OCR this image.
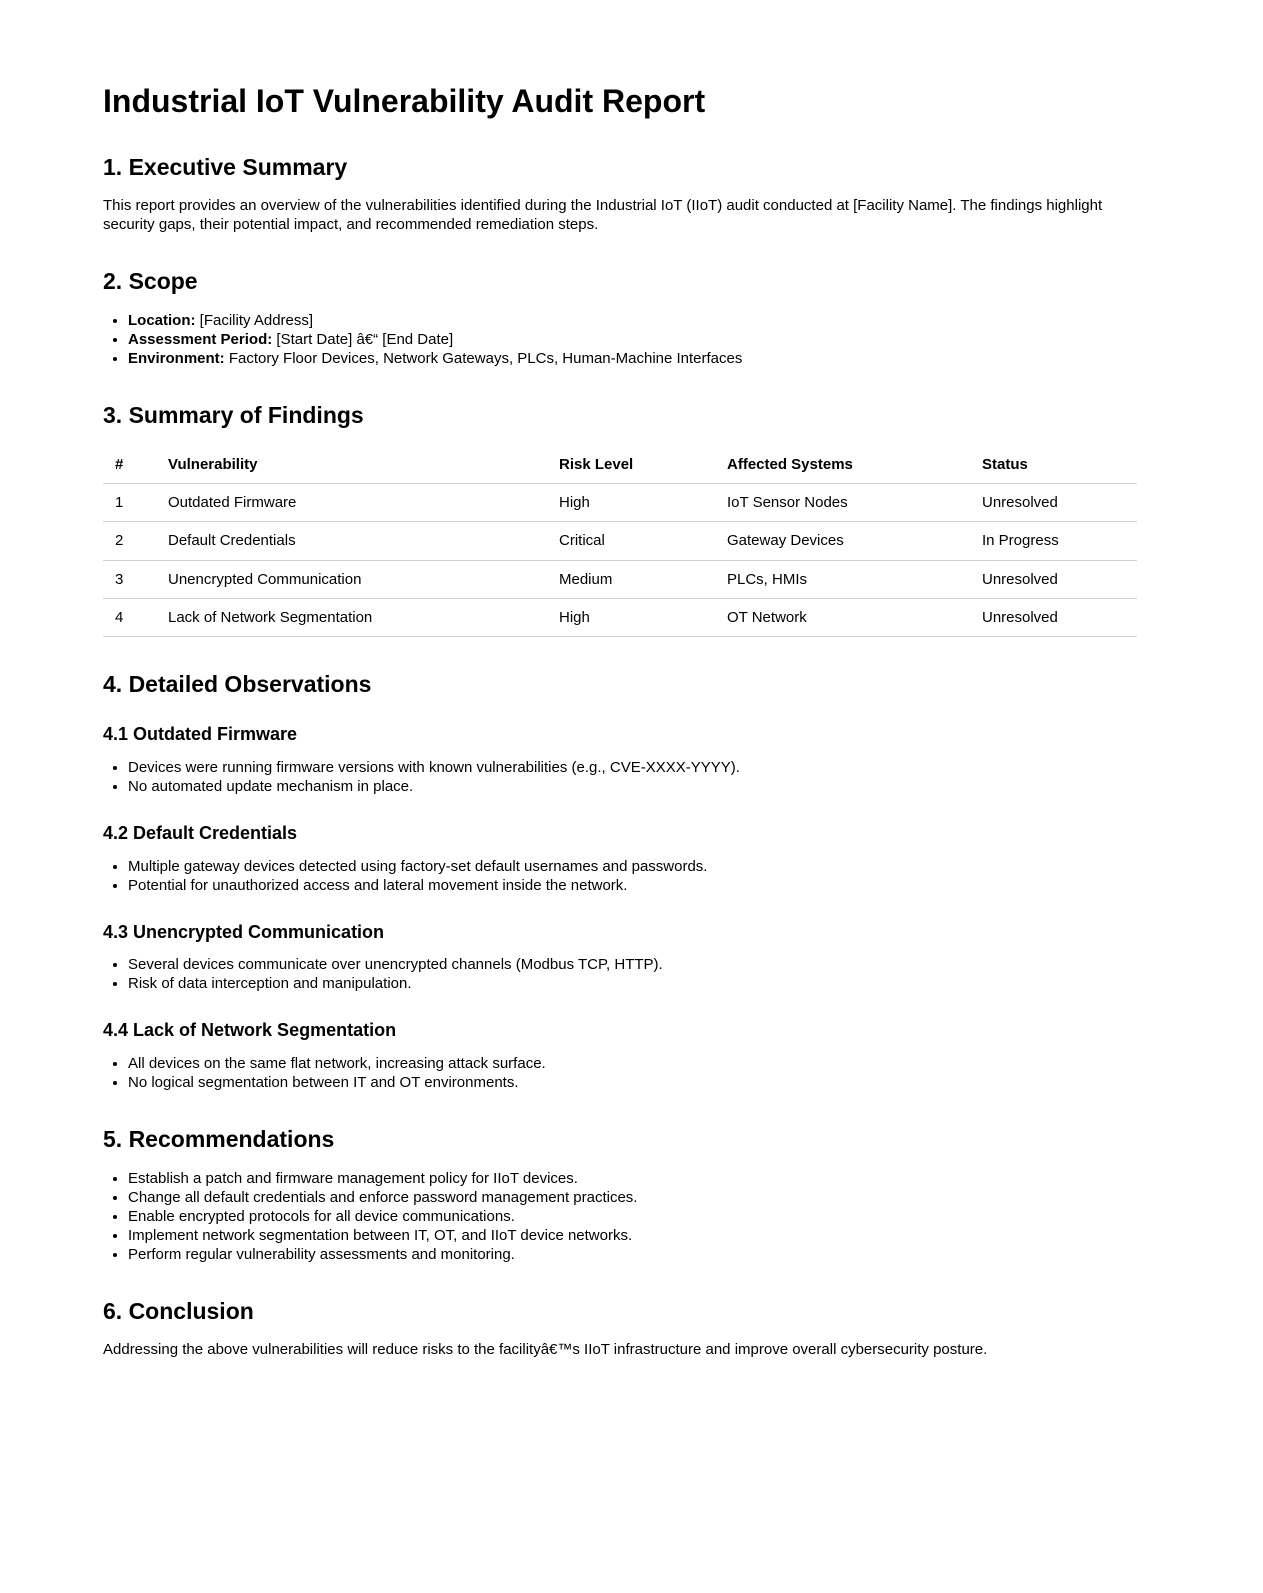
Industrial IoT Vulnerability Audit Report
1. Executive Summary

This report provides an overview of the vulnerabilities identified during the Industrial IoT (IIoT) audit conducted at [Facility Name]. The findings highlight security gaps, their potential impact, and recommended remediation steps.

2. Scope
• Location: [Facility Address]
• Assessment Period: [Start Date] â€“ [End Date]
• Environment: Factory Floor Devices, Network Gateways, PLCs, Human-Machine Interfaces
3. Summary of Findings
#	Vulnerability	Risk Level	Affected Systems	Status
1	Outdated Firmware	High	IoT Sensor Nodes	Unresolved
2	Default Credentials	Critical	Gateway Devices	In Progress
3	Unencrypted Communication	Medium	PLCs, HMIs	Unresolved
4	Lack of Network Segmentation	High	OT Network	Unresolved
4. Detailed Observations
4.1 Outdated Firmware
• Devices were running firmware versions with known vulnerabilities (e.g., CVE-XXXX-YYYY).
• No automated update mechanism in place.
4.2 Default Credentials
• Multiple gateway devices detected using factory-set default usernames and passwords.
• Potential for unauthorized access and lateral movement inside the network.
4.3 Unencrypted Communication
• Several devices communicate over unencrypted channels (Modbus TCP, HTTP).
• Risk of data interception and manipulation.
4.4 Lack of Network Segmentation
• All devices on the same flat network, increasing attack surface.
• No logical segmentation between IT and OT environments.
5. Recommendations
• Establish a patch and firmware management policy for IIoT devices.
• Change all default credentials and enforce password management practices.
• Enable encrypted protocols for all device communications.
• Implement network segmentation between IT, OT, and IIoT device networks.
• Perform regular vulnerability assessments and monitoring.
6. Conclusion

Addressing the above vulnerabilities will reduce risks to the facilityâ€™s IIoT infrastructure and improve overall cybersecurity posture.
